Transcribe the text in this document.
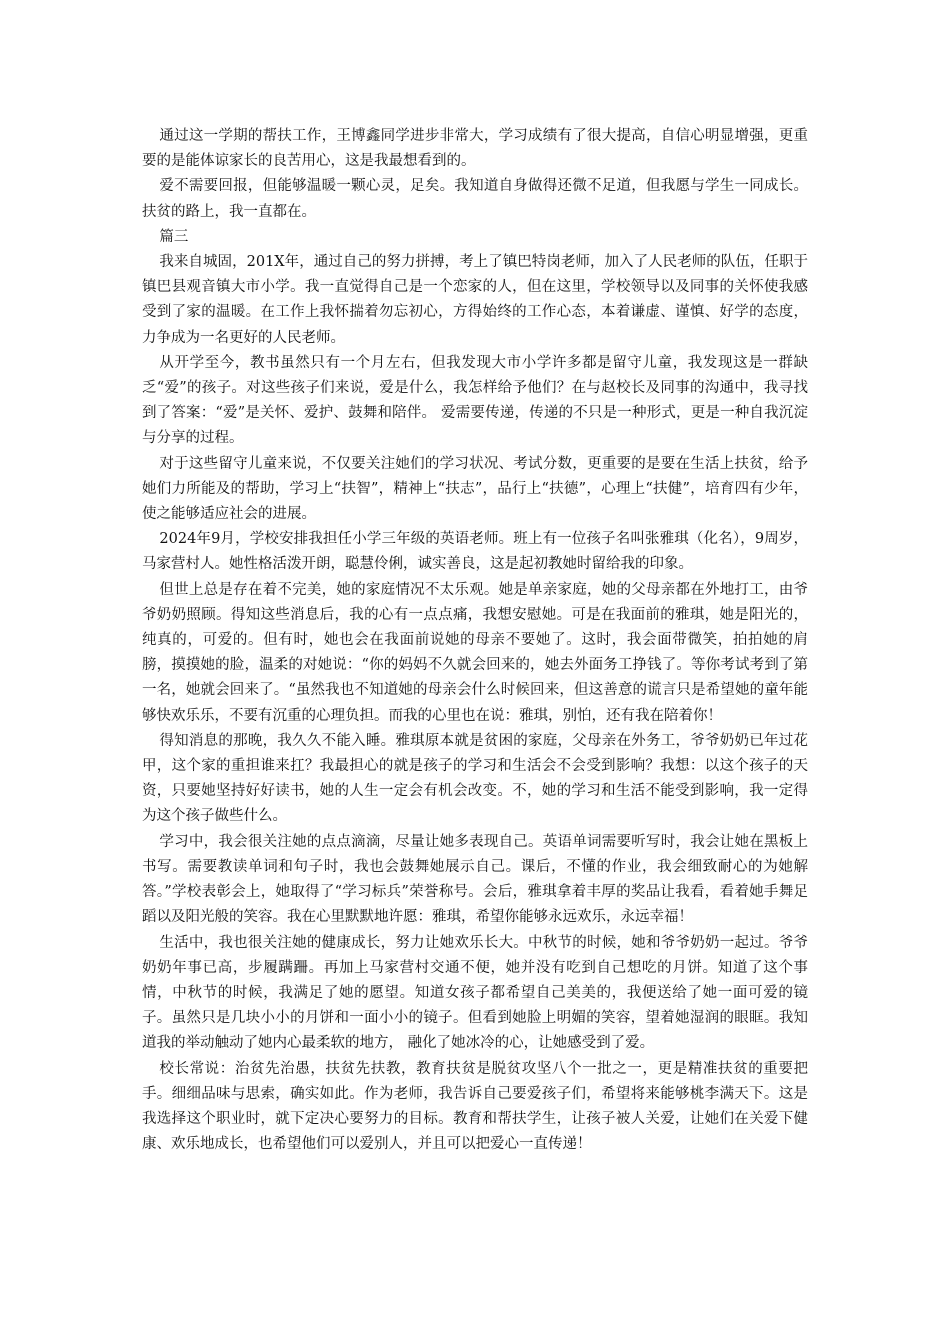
通过这一学期的帮扶工作，王博鑫同学进步非常大，学习成绩有了很大提高，自信心明显增强，更重要的是能体谅家长的良苦用心，这是我最想看到的。

爱不需要回报，但能够温暖一颗心灵，足矣。我知道自身做得还微不足道，但我愿与学生一同成长。扶贫的路上，我一直都在。

篇三

我来自城固，201X年，通过自己的努力拼搏，考上了镇巴特岗老师，加入了人民老师的队伍，任职于镇巴县观音镇大市小学。我一直觉得自己是一个恋家的人，但在这里，学校领导以及同事的关怀使我感受到了家的温暖。在工作上我怀揣着勿忘初心，方得始终的工作心态，本着谦虚、谨慎、好学的态度，力争成为一名更好的人民老师。

从开学至今，教书虽然只有一个月左右，但我发现大市小学许多都是留守儿童，我发现这是一群缺乏“爱”的孩子。对这些孩子们来说，爱是什么，我怎样给予他们？在与赵校长及同事的沟通中，我寻找到了答案：“爱”是关怀、爱护、鼓舞和陪伴。 爱需要传递，传递的不只是一种形式，更是一种自我沉淀与分享的过程。

对于这些留守儿童来说，不仅要关注她们的学习状况、考试分数，更重要的是要在生活上扶贫，给予她们力所能及的帮助，学习上“扶智”，精神上“扶志”，品行上“扶德”，心理上“扶健”，培育四有少年，使之能够适应社会的进展。

2024年9月，学校安排我担任小学三年级的英语老师。班上有一位孩子名叫张雅琪（化名），9周岁，马家营村人。她性格活泼开朗，聪慧伶俐，诚实善良，这是起初教她时留给我的印象。

但世上总是存在着不完美，她的家庭情况不太乐观。她是单亲家庭，她的父母亲都在外地打工，由爷爷奶奶照顾。得知这些消息后，我的心有一点点痛，我想安慰她。可是在我面前的雅琪，她是阳光的，纯真的，可爱的。但有时，她也会在我面前说她的母亲不要她了。这时，我会面带微笑，拍拍她的肩膀，摸摸她的脸，温柔的对她说：“你的妈妈不久就会回来的，她去外面务工挣钱了。等你考试考到了第一名，她就会回来了。“虽然我也不知道她的母亲会什么时候回来，但这善意的谎言只是希望她的童年能够快欢乐乐，不要有沉重的心理负担。而我的心里也在说：雅琪，别怕，还有我在陪着你！

得知消息的那晚，我久久不能入睡。雅琪原本就是贫困的家庭，父母亲在外务工，爷爷奶奶已年过花甲，这个家的重担谁来扛？我最担心的就是孩子的学习和生活会不会受到影响？我想：以这个孩子的天资，只要她坚持好好读书，她的人生一定会有机会改变。不，她的学习和生活不能受到影响，我一定得为这个孩子做些什么。

学习中，我会很关注她的点点滴滴，尽量让她多表现自己。英语单词需要听写时，我会让她在黑板上书写。需要教读单词和句子时，我也会鼓舞她展示自己。课后，不懂的作业，我会细致耐心的为她解答。”学校表彰会上，她取得了“学习标兵”荣誉称号。会后，雅琪拿着丰厚的奖品让我看，看着她手舞足蹈以及阳光般的笑容。我在心里默默地许愿：雅琪，希望你能够永远欢乐，永远幸福！

生活中，我也很关注她的健康成长，努力让她欢乐长大。中秋节的时候，她和爷爷奶奶一起过。爷爷奶奶年事已高，步履蹒跚。再加上马家营村交通不便，她并没有吃到自己想吃的月饼。知道了这个事情，中秋节的时候，我满足了她的愿望。知道女孩子都希望自己美美的，我便送给了她一面可爱的镜子。虽然只是几块小小的月饼和一面小小的镜子。但看到她脸上明媚的笑容，望着她湿润的眼眶。我知道我的举动触动了她内心最柔软的地方， 融化了她冰冷的心，让她感受到了爱。

校长常说：治贫先治愚，扶贫先扶教，教育扶贫是脱贫攻坚八个一批之一，更是精准扶贫的重要把手。细细品味与思索，确实如此。作为老师，我告诉自己要爱孩子们，希望将来能够桃李满天下。这是我选择这个职业时，就下定决心要努力的目标。教育和帮扶学生，让孩子被人关爱，让她们在关爱下健康、欢乐地成长，也希望他们可以爱别人，并且可以把爱心一直传递！
